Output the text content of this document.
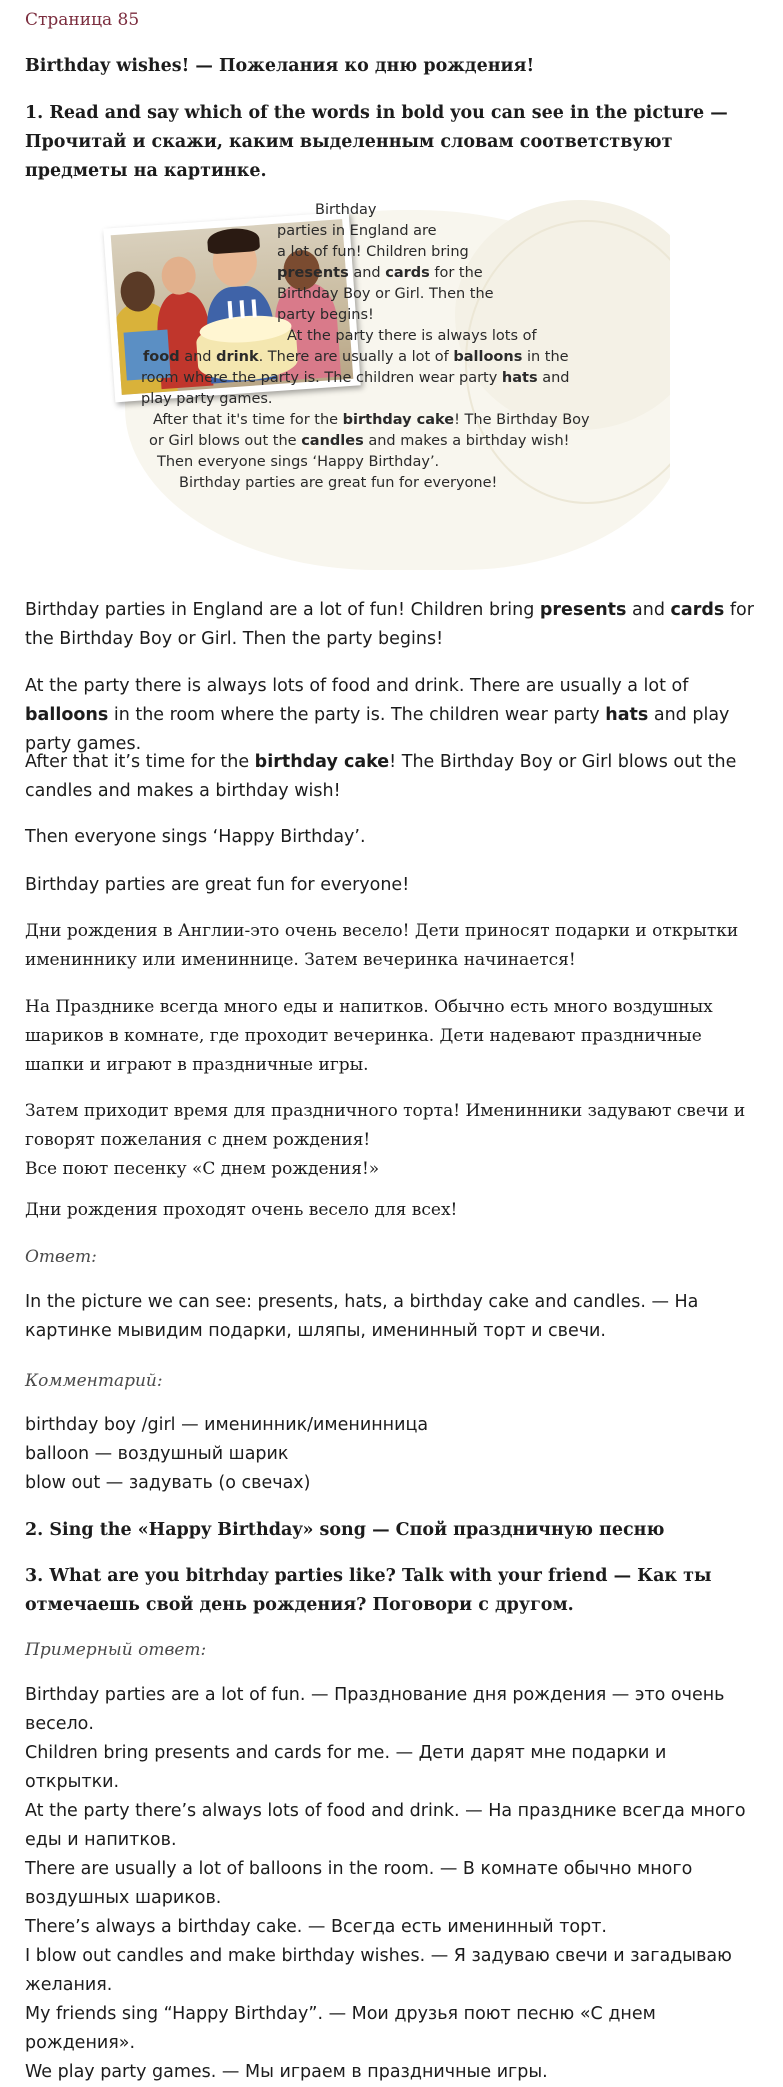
Страница 85
Birthday wishes! — Пожелания ко дню рождения!
1. Read and say which of the words in bold you can see in the picture — Прочитай и скажи, каким выделенным словам соответствуют предметы на картинке.
Birthday
parties in England are
a lot of fun! Children bring
presents and cards for the
Birthday Boy or Girl. Then the
party begins!
At the party there is always lots of
food and drink. There are usually a lot of balloons in the
room where the party is. The children wear party hats and
play party games.
After that it's time for the birthday cake! The Birthday Boy
or Girl blows out the candles and makes a birthday wish!
Then everyone sings ‘Happy Birthday’.
Birthday parties are great fun for everyone!

Birthday parties in England are a lot of fun! Children bring presents and cards for the Birthday Boy or Girl. Then the party begins!

At the party there is always lots of food and drink. There are usually a lot of balloons in the room where the party is. The children wear party hats and play party games.

After that it’s time for the birthday cake! The Birthday Boy or Girl blows out the candles and makes a birthday wish!

Then everyone sings ‘Happy Birthday’.

Birthday parties are great fun for everyone!

Дни рождения в Англии-это очень весело! Дети приносят подарки и открытки имениннику или имениннице. Затем вечеринка начинается!

На Празднике всегда много еды и напитков. Обычно есть много воздушных шариков в комнате, где проходит вечеринка. Дети надевают праздничные шапки и играют в праздничные игры.

Затем приходит время для праздничного торта! Именинники задувают свечи и говорят пожелания с днем рождения!
Все поют песенку «С днем рождения!»

Дни рождения проходят очень весело для всех!

Ответ:

In the picture we can see: presents, hats, a birthday cake and candles. — На картинке мывидим подарки, шляпы, именинный торт и свечи.

Комментарий:
birthday boy /girl — именинник/именинница
balloon — воздушный шарик
blow out — задувать (о свечах)
2. Sing the «Happy Birthday» song — Спой праздничную песню
3. What are you bitrhday parties like? Talk with your friend — Как ты отмечаешь свой день рождения? Поговори с другом.
Примерный ответ:
Birthday parties are a lot of fun. — Празднование дня рождения — это очень весело.
Children bring presents and cards for me. — Дети дарят мне подарки и открытки.
At the party there’s always lots of food and drink. — На празднике всегда много еды и напитков.
There are usually a lot of balloons in the room. — В комнате обычно много воздушных шариков.
There’s always a birthday cake. — Всегда есть именинный торт.
I blow out candles and make birthday wishes. — Я задуваю свечи и загадываю желания.
My friends sing “Happy Birthday”. — Мои друзья поют песню «С днем рождения».
We play party games. — Мы играем в праздничные игры.
